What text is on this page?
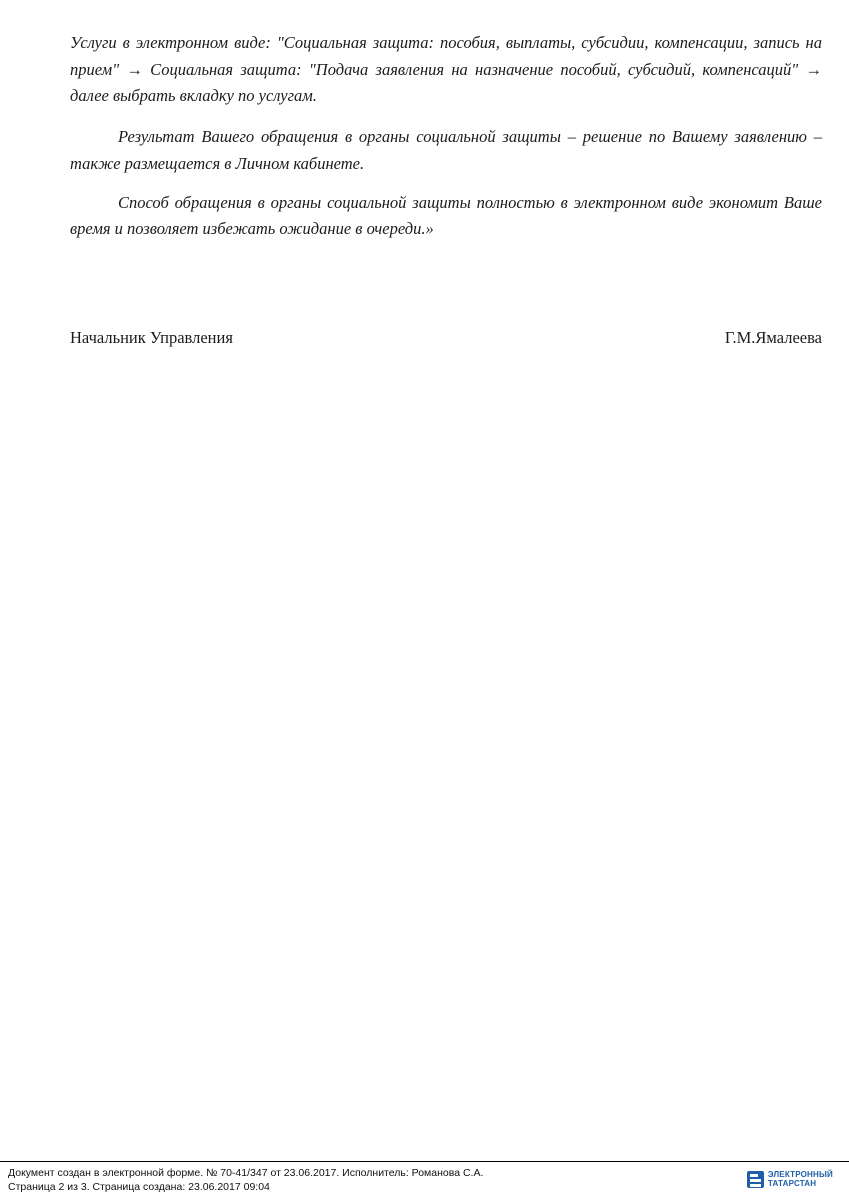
Услуги в электронном виде: "Социальная защита: пособия, выплаты, субсидии, компенсации, запись на прием" → Социальная защита: "Подача заявления на назначение пособий, субсидий, компенсаций" → далее выбрать вкладку по услугам.

Результат Вашего обращения в органы социальной защиты – решение по Вашему заявлению – также размещается в Личном кабинете.

Способ обращения в органы социальной защиты полностью в электронном виде экономит Ваше время и позволяет избежать ожидание в очереди.»

Начальник Управления	Г.М.Ямалеева
Документ создан в электронной форме. № 70-41/347 от 23.06.2017. Исполнитель: Романова С.А.
Страница 2 из 3. Страница создана: 23.06.2017 09:04
ЭЛЕКТРОННЫЙ
ТАТАРСТАН
